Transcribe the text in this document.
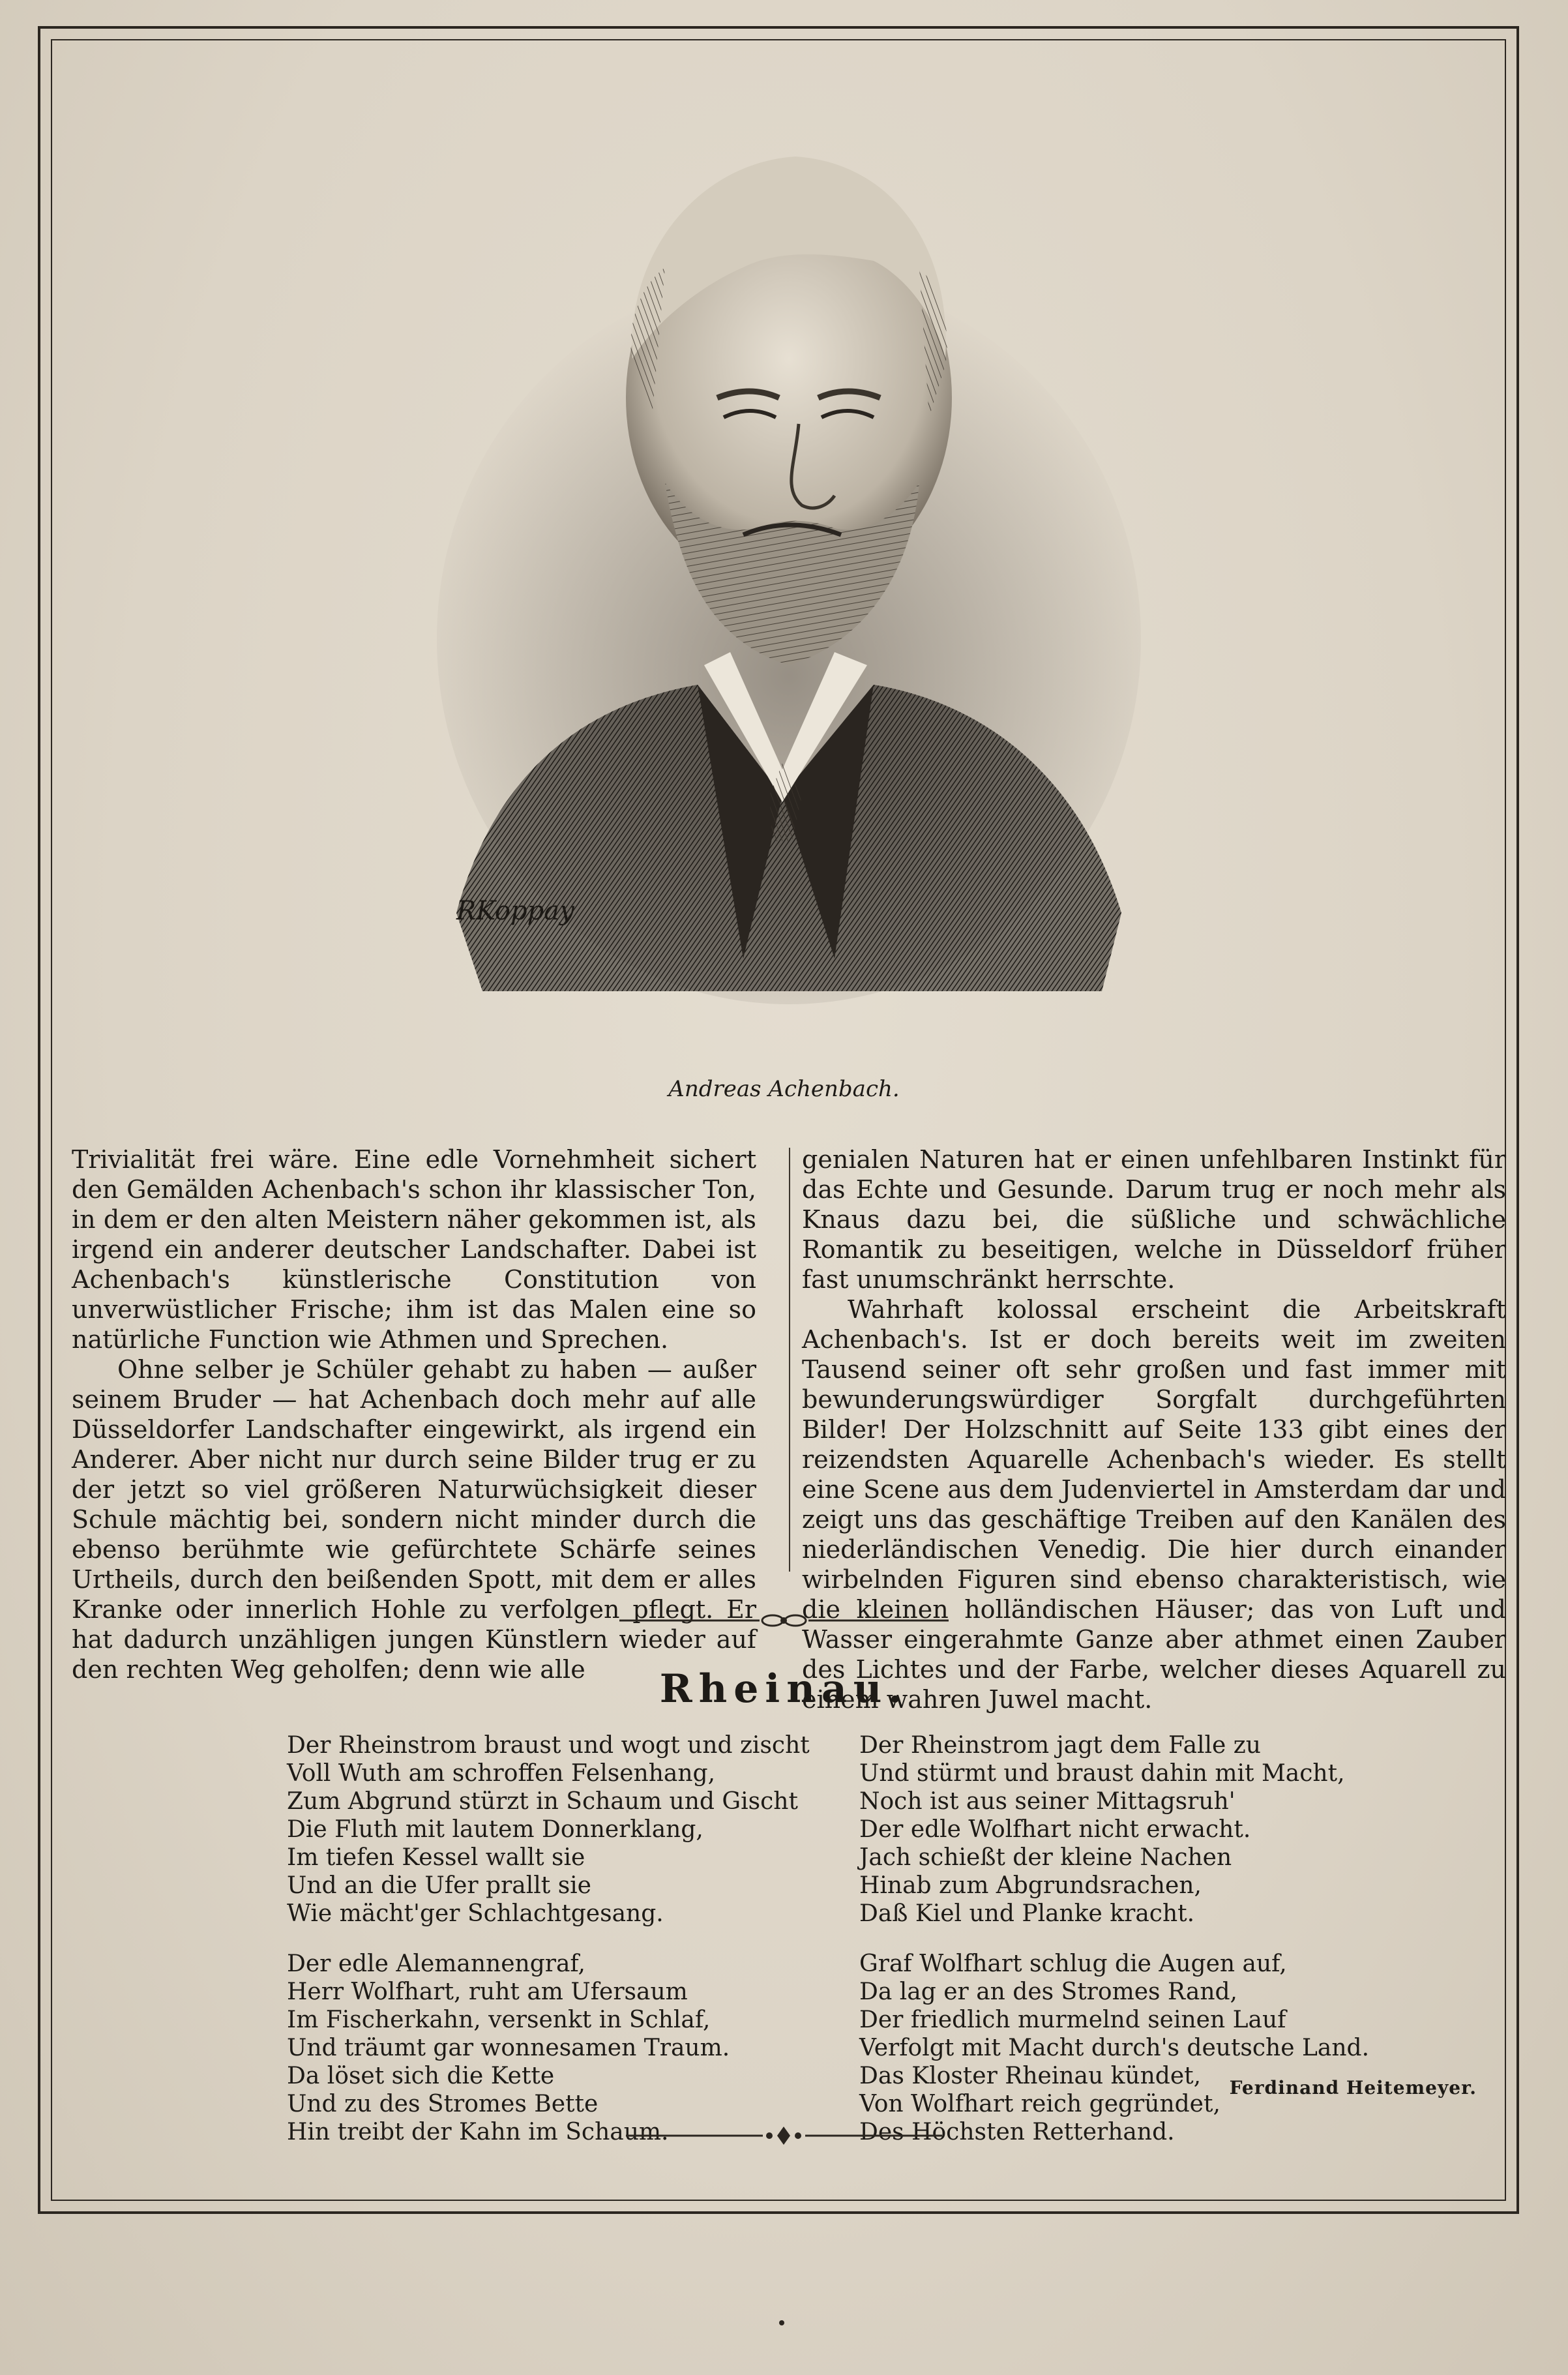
RKoppay
Andreas Achenbach.

Trivialität frei wäre. Eine edle Vornehmheit sichert den Gemälden Achenbach's schon ihr klassischer Ton, in dem er den alten Meistern näher gekommen ist, als irgend ein anderer deutscher Landschafter. Dabei ist Achenbach's künstlerische Constitution von unverwüstlicher Frische; ihm ist das Malen eine so natürliche Function wie Athmen und Sprechen.

Ohne selber je Schüler gehabt zu haben — außer seinem Bruder — hat Achenbach doch mehr auf alle Düsseldorfer Landschafter eingewirkt, als irgend ein Anderer. Aber nicht nur durch seine Bilder trug er zu der jetzt so viel größeren Naturwüchsigkeit dieser Schule mächtig bei, sondern nicht minder durch die ebenso berühmte wie gefürchtete Schärfe seines Urtheils, durch den beißenden Spott, mit dem er alles Kranke oder innerlich Hohle zu verfolgen pflegt. Er hat dadurch unzähligen jungen Künstlern wieder auf den rechten Weg geholfen; denn wie alle

genialen Naturen hat er einen unfehlbaren Instinkt für das Echte und Gesunde. Darum trug er noch mehr als Knaus dazu bei, die süßliche und schwächliche Romantik zu beseitigen, welche in Düsseldorf früher fast unumschränkt herrschte.

Wahrhaft kolossal erscheint die Arbeitskraft Achenbach's. Ist er doch bereits weit im zweiten Tausend seiner oft sehr großen und fast immer mit bewunderungswürdiger Sorgfalt durchgeführten Bilder! Der Holzschnitt auf Seite 133 gibt eines der reizendsten Aquarelle Achenbach's wieder. Es stellt eine Scene aus dem Judenviertel in Amsterdam dar und zeigt uns das geschäftige Treiben auf den Kanälen des niederländischen Venedig. Die hier durch einander wirbelnden Figuren sind ebenso charakteristisch, wie die kleinen holländischen Häuser; das von Luft und Wasser eingerahmte Ganze aber athmet einen Zauber des Lichtes und der Farbe, welcher dieses Aquarell zu einem wahren Juwel macht.

Rheinau.
Der Rheinstrom braust und wogt und zischt
Voll Wuth am schroffen Felsenhang,
Zum Abgrund stürzt in Schaum und Gischt
Die Fluth mit lautem Donnerklang,
Im tiefen Kessel wallt sie
Und an die Ufer prallt sie
Wie mächt'ger Schlachtgesang.
Der edle Alemannengraf,
Herr Wolfhart, ruht am Ufersaum
Im Fischerkahn, versenkt in Schlaf,
Und träumt gar wonnesamen Traum.
Da löset sich die Kette
Und zu des Stromes Bette
Hin treibt der Kahn im Schaum.
Der Rheinstrom jagt dem Falle zu
Und stürmt und braust dahin mit Macht,
Noch ist aus seiner Mittagsruh'
Der edle Wolfhart nicht erwacht.
Jach schießt der kleine Nachen
Hinab zum Abgrundsrachen,
Daß Kiel und Planke kracht.
Graf Wolfhart schlug die Augen auf,
Da lag er an des Stromes Rand,
Der friedlich murmelnd seinen Lauf
Verfolgt mit Macht durch's deutsche Land.
Das Kloster Rheinau kündet,
Von Wolfhart reich gegründet,
Des Höchsten Retterhand.
Ferdinand Heitemeyer.
